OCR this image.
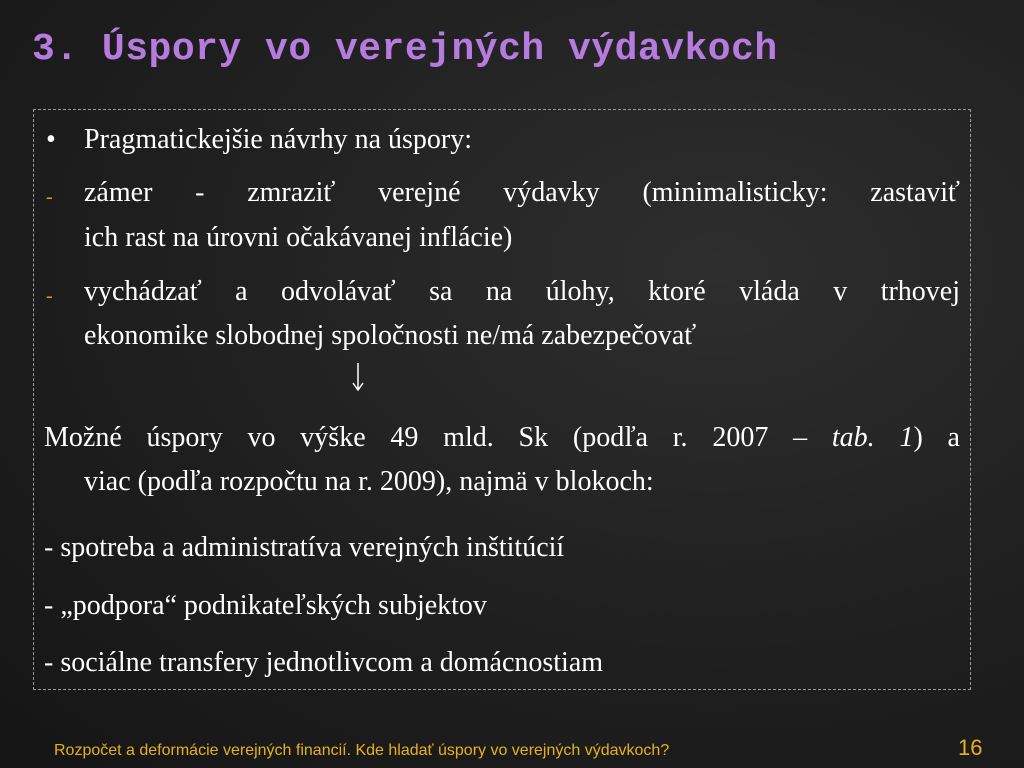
3. Úspory vo verejných výdavkoch
• Pragmatickejšie návrhy na úspory:
- zámer - zmraziť verejné výdavky (minimalisticky: zastaviť
ich rast na úrovni očakávanej inflácie)
- vychádzať a odvolávať sa na úlohy, ktoré vláda v trhovej
ekonomike slobodnej spoločnosti ne/má zabezpečovať
Možné úspory vo výške 49 mld. Sk (podľa r. 2007 – tab. 1) a
viac (podľa rozpočtu na r. 2009), najmä v blokoch:
- spotreba a administratíva verejných inštitúcií
- „podpora“ podnikateľských subjektov
- sociálne transfery jednotlivcom a domácnostiam
Rozpočet a deformácie verejných financií. Kde hladať úspory vo verejných výdavkoch?	16
